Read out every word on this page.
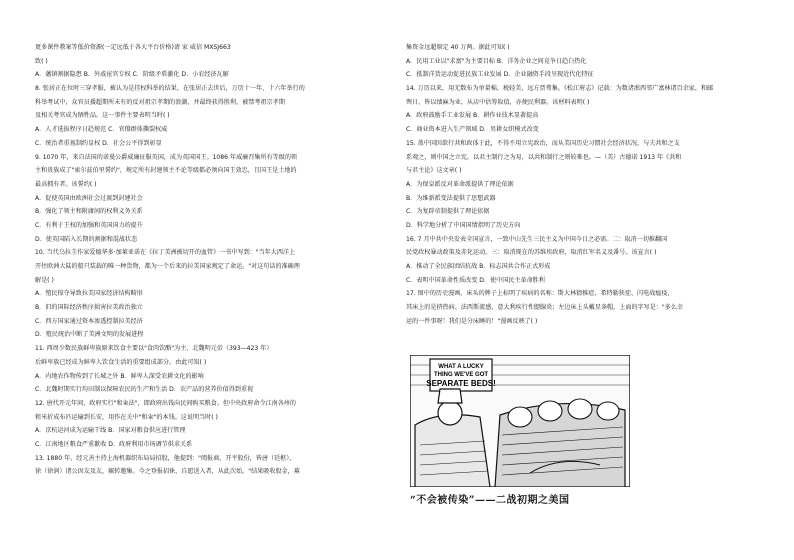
更多课件教案等低价资源(一定远低于各大平台价格)请 家 威信 MXSJ663
致( )
A．藩镇割据隐患 B．外戚宦官专权 C．阶级矛盾激化 D．小农经济瓦解
8. 张居正在位时三穿孝服，被认为是挂权科举的结果，在张居正去世后，万历十一年、十六年举行的
科举考试中，众官员援超期所未有的反对祖宗孝期的浪潮，并最终获得胜利，被禁考祖宗孝期
及相关考官成为牺牲品。这一事件主要表明当时( )
A．人才选拔程序日趋规范 C．官僚群体撕裂权威
C．统治者重视制约皇权 D．社会公平得到彰显
9. 1070 年，来自法国的诺曼公爵威廉征服英国，成为英国国王。1086 年威廉召集所有等级的领
主和贵族成了"索尔兹伯里誓约"，规定所有封建领主不论等级都必须向国王效忠，且国王是土地的
最高拥有者。该誓约( )
A．促使英国由欧洲社会过渡到封建社会
B．强化了领主和附庸间的权利义务关系
C．有利于王权的加强和英国国力的提升
D．使英国陷入长期的割据和混战状态
10. 当代乌拉圭作家爱德华多·加莱亚诺在《拉丁美洲被切开的血管》一书中写到："当年大西洋上
开往欧洲大陆的船只装载的唯一种货物，都为一个后来的拉美国家规定了命运。"对这句话的准确理
解是( )
A．殖民掠夺导致拉美国家经济结构畸形
B．旧的国际经济秩序损害拉美政治独立
C．西方国家通过资本渗透控制拉美经济
D．殖民统治中断了美洲文明的发展进程
11. 西周少数民族鲜卑族原来饮食主要以"食肉饮酪"为主，北魏明元帝（393—423 年）
后鲜卑族已经成为鲜卑人饮食生活的重要组成部分。由此可知( )
A．内地农作物传到了长城之外 B．鲜卑人深受农耕文化的影响
C．北魏时期实行均田制以保障农民的生产和生活 D．农产品的营养价值得到重视
12. 唐代开元年间，政府实行"和籴法"，即政府出钱向民间购买粮食。但中央政府命令江南各州的
租米折成布匹运输到长安，用作在关中"和籴"的本钱。这说明当时( )
A．京杭运河成为运输干线 B．国家对粮食供应进行管理
C．江南地区粮食严重歉收 D．政府利用市场调节供求关系
13. 1880 年，经元善主持上海机器织布局局招股，他提到："阅报商、开平股份，皆唐（廷枢）、
徐（徐润）诸公因友及友，辗转邀集。今之登报招徕，自愿送入者，从此次始。"结果吸收股金，募
集资金远超原定 40 万两。据此可知( )
A．民用工业以"求富"为主要目标 B．洋务企业之间竞争日趋白热化
C．抵制洋货运动促进民族工业发展 D．企业融资手段呈现近代化特征
14. 万历以来，用无数布为单量棉，税轻美，远方贾骛集。《松江府志》记载：为数诸淞西邻广富林诸百余家，和邮
舆日，皆以绩麻为业，从店中估筹取值，亦便民利器。该材料表明( )
A．政府鼓励手工业发展 B．耕作业技术显著提高
C．商业资本进入生产领域 D．男耕女织模式改变
15. 盖中国因欲行共和政体于此，不得不用立宪政治，而从美国历史习惯社会经济状况，与夫共和之支
系观之，则中国之立宪，以君主制行之为易，以共和制行之则较难也。—（美）古德诺 1913 年《共和
与君主论》这文章( )
A．为保皇派反对革命派提供了理论依据
B．为维新派变法提供了思想武器
C．为复辟帝制提供了理论依据
D．科学地分析了中国国情指明了历史方向
16. 7 月中共中央发表全国宣言，一致中山先生三民主义为中国今日之必需。二：取消一切推翻国
民党政权暴动政策及赤化运动。三：取消现在的苏维埃政府，取消红军名义及番号。该宣言( )
A．推动了全民族团结抗战 B．标志国共合作正式形成
C．表明中国革命性质改变 D．使中国民主革命胜利
17. 图中的历史漫画，床头的牌子上标明了疾病的名称：斯大林猜推症、希特勒狭症、闪电战瘟疫，
其床上的是挤热病、法西斯流感、意大利疾行性腮腺炎；左边床上头戴星条帽，上面的字写是："多么幸
运的一件事呀！我们是分床睡的！"漫画反映了( )
WHAT A LUCKY
THING WE'VE GOT
SEPARATE BEDS!
“不会被传染”——二战初期之美国
